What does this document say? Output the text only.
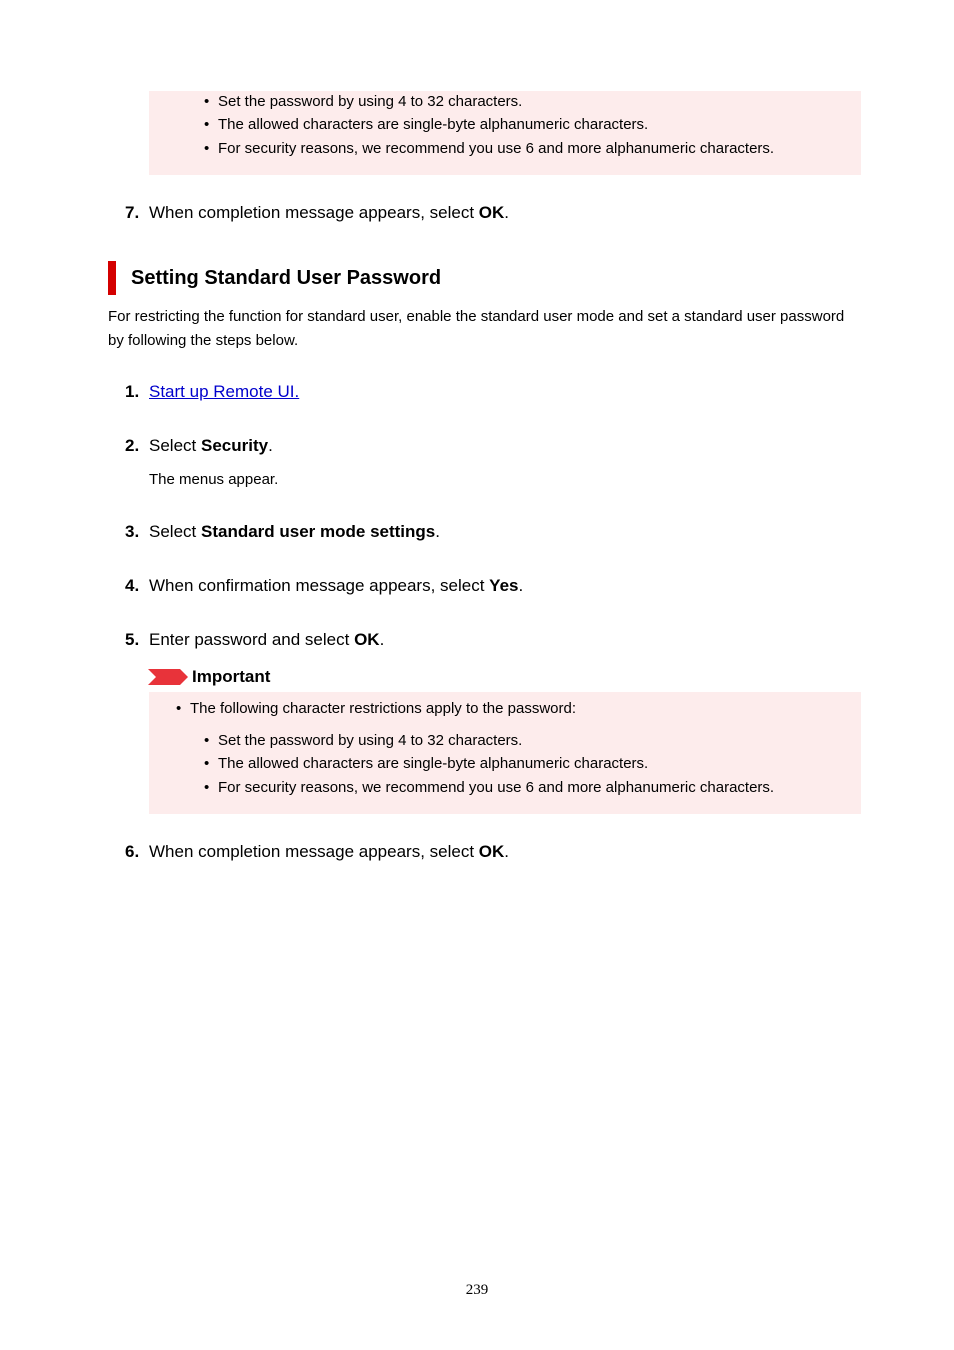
• Set the password by using 4 to 32 characters.
• The allowed characters are single-byte alphanumeric characters.
• For security reasons, we recommend you use 6 and more alphanumeric characters.
7. When completion message appears, select OK.
Setting Standard User Password
For restricting the function for standard user, enable the standard user mode and set a standard user password by following the steps below.
1. Start up Remote UI.
2. Select Security.
The menus appear.
3. Select Standard user mode settings.
4. When confirmation message appears, select Yes.
5. Enter password and select OK.
Important
• The following character restrictions apply to the password:
• Set the password by using 4 to 32 characters.
• The allowed characters are single-byte alphanumeric characters.
• For security reasons, we recommend you use 6 and more alphanumeric characters.
6. When completion message appears, select OK.
239
